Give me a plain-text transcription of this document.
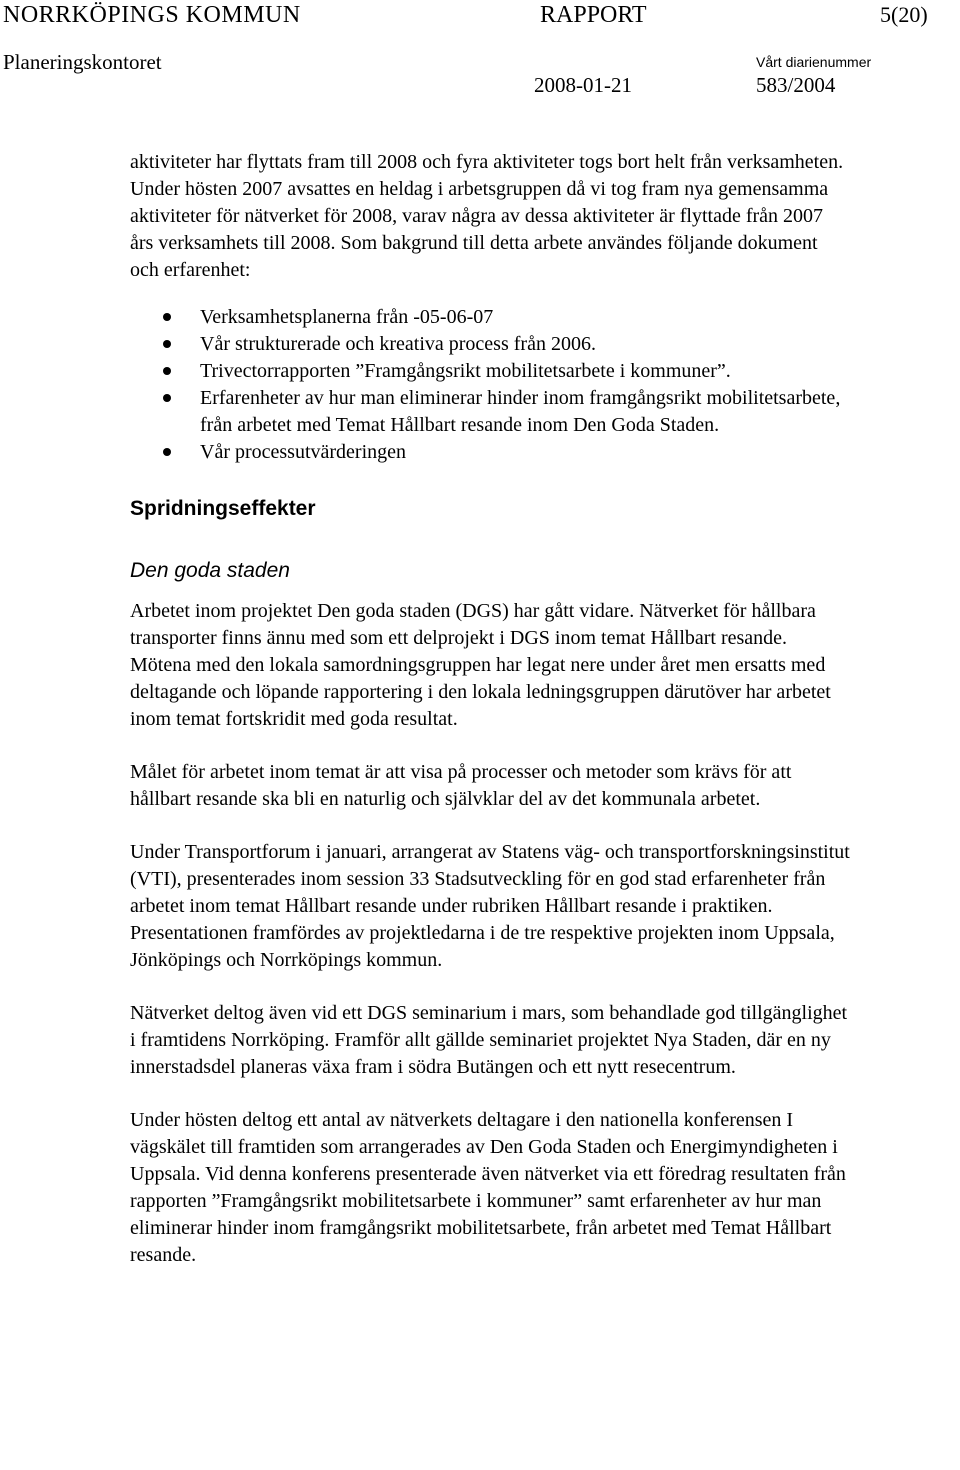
NORRKÖPINGS KOMMUN	RAPPORT	5(20)
Planeringskontoret	Vårt diarienummer
2008-01-21	583/2004

aktiviteter har flyttats fram till 2008 och fyra aktiviteter togs bort helt från verksamheten.

Under hösten 2007 avsattes en heldag i arbetsgruppen då vi tog fram nya gemensamma aktiviteter för nätverket för 2008, varav några av dessa aktiviteter är flyttade från 2007 års verksamhets till 2008. Som bakgrund till detta arbete användes följande dokument och erfarenhet:

Verksamhetsplanerna från -05-06-07
Vår strukturerade och kreativa process från 2006.
Trivectorrapporten ”Framgångsrikt mobilitetsarbete i kommuner”.
Erfarenheter av hur man eliminerar hinder inom framgångsrikt mobilitetsarbete, från arbetet med Temat Hållbart resande inom Den Goda Staden.
Vår processutvärderingen
Spridningseffekter
Den goda staden

Arbetet inom projektet Den goda staden (DGS) har gått vidare. Nätverket för hållbara transporter finns ännu med som ett delprojekt i DGS inom temat Hållbart resande. Mötena med den lokala samordningsgruppen har legat nere under året men ersatts med deltagande och löpande rapportering i den lokala ledningsgruppen därutöver har arbetet inom temat fortskridit med goda resultat.

Målet för arbetet inom temat är att visa på processer och metoder som krävs för att hållbart resande ska bli en naturlig och självklar del av det kommunala arbetet.

Under Transportforum i januari, arrangerat av Statens väg- och transportforskningsinstitut (VTI), presenterades inom session 33 Stadsutveckling för en god stad erfarenheter från arbetet inom temat Hållbart resande under rubriken Hållbart resande i praktiken. Presentationen framfördes av projektledarna i de tre respektive projekten inom Uppsala, Jönköpings och Norrköpings kommun.

Nätverket deltog även vid ett DGS seminarium i mars, som behandlade god tillgänglighet i framtidens Norrköping. Framför allt gällde seminariet projektet Nya Staden, där en ny innerstadsdel planeras växa fram i södra Butängen och ett nytt resecentrum.

Under hösten deltog ett antal av nätverkets deltagare i den nationella konferensen I vägskälet till framtiden som arrangerades av Den Goda Staden och Energimyndigheten i Uppsala. Vid denna konferens presenterade även nätverket via ett föredrag resultaten från rapporten ”Framgångsrikt mobilitetsarbete i kommuner” samt erfarenheter av hur man eliminerar hinder inom framgångsrikt mobilitetsarbete, från arbetet med Temat Hållbart resande.
